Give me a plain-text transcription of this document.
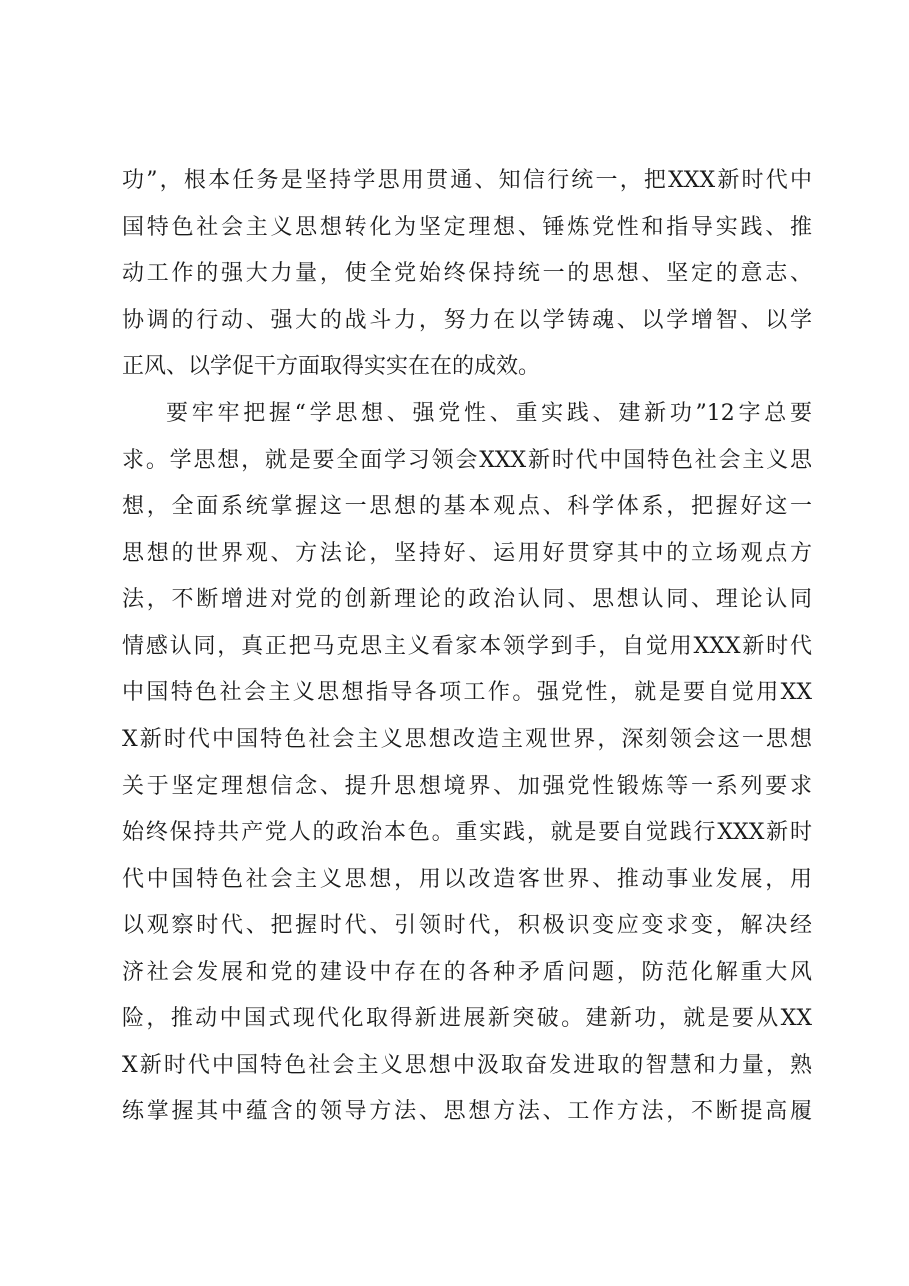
功”，根本任务是坚持学思用贯通、知信行统一，把XXX新时代中
国特色社会主义思想转化为坚定理想、锤炼党性和指导实践、推
动工作的强大力量，使全党始终保持统一的思想、坚定的意志、
协调的行动、强大的战斗力，努力在以学铸魂、以学增智、以学
正风、以学促干方面取得实实在在的成效。
要牢牢把握“学思想、强党性、重实践、建新功”12字总要
求。学思想，就是要全面学习领会XXX新时代中国特色社会主义思
想，全面系统掌握这一思想的基本观点、科学体系，把握好这一
思想的世界观、方法论，坚持好、运用好贯穿其中的立场观点方
法，不断增进对党的创新理论的政治认同、思想认同、理论认同
情感认同，真正把马克思主义看家本领学到手，自觉用XXX新时代
中国特色社会主义思想指导各项工作。强党性，就是要自觉用XX
X新时代中国特色社会主义思想改造主观世界，深刻领会这一思想
关于坚定理想信念、提升思想境界、加强党性锻炼等一系列要求
始终保持共产党人的政治本色。重实践，就是要自觉践行XXX新时
代中国特色社会主义思想，用以改造客世界、推动事业发展，用
以观察时代、把握时代、引领时代，积极识变应变求变，解决经
济社会发展和党的建设中存在的各种矛盾问题，防范化解重大风
险，推动中国式现代化取得新进展新突破。建新功，就是要从XX
X新时代中国特色社会主义思想中汲取奋发进取的智慧和力量，熟
练掌握其中蕴含的领导方法、思想方法、工作方法，不断提高履
